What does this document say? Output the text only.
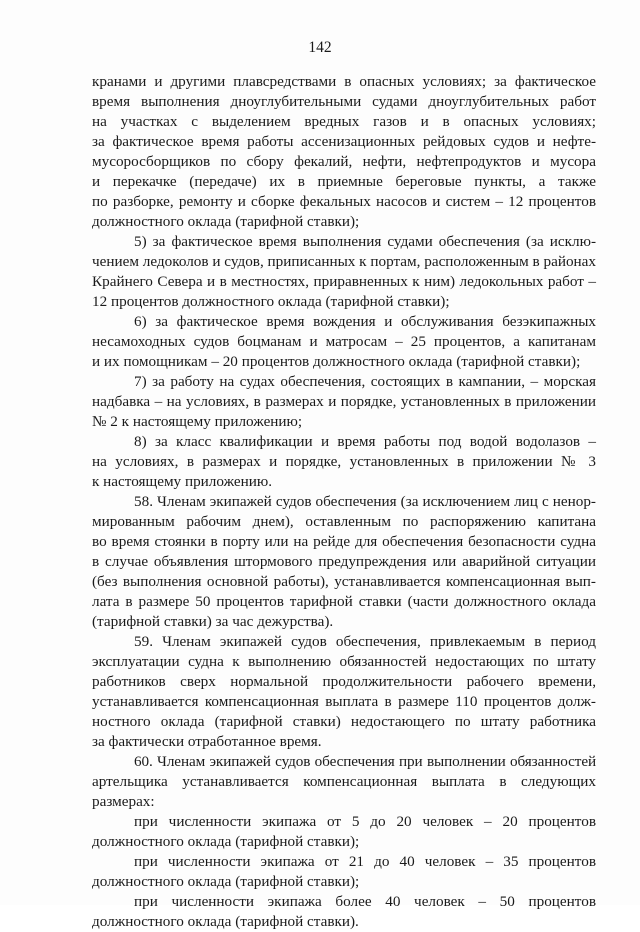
142

кранами и другими плавсредствами в опасных условиях; за фактическое
время выполнения дноуглубительными судами дноуглубительных работ
на участках с выделением вредных газов и в опасных условиях;
за фактическое время работы ассенизационных рейдовых судов и нефте-
мусоросборщиков по сбору фекалий, нефти, нефтепродуктов и мусора
и перекачке (передаче) их в приемные береговые пункты, а также
по разборке, ремонту и сборке фекальных насосов и систем – 12 процентов
должностного оклада (тарифной ставки);

5) за фактическое время выполнения судами обеспечения (за исклю-
чением ледоколов и судов, приписанных к портам, расположенным в районах
Крайнего Севера и в местностях, приравненных к ним) ледокольных работ –
12 процентов должностного оклада (тарифной ставки);

6) за фактическое время вождения и обслуживания безэкипажных
несамоходных судов боцманам и матросам – 25 процентов, а капитанам
и их помощникам – 20 процентов должностного оклада (тарифной ставки);

7) за работу на судах обеспечения, состоящих в кампании, – морская
надбавка – на условиях, в размерах и порядке, установленных в приложении
№ 2 к настоящему приложению;

8) за класс квалификации и время работы под водой водолазов –
на условиях, в размерах и порядке, установленных в приложении № 3
к настоящему приложению.

58. Членам экипажей судов обеспечения (за исключением лиц с ненор-
мированным рабочим днем), оставленным по распоряжению капитана
во время стоянки в порту или на рейде для обеспечения безопасности судна
в случае объявления штормового предупреждения или аварийной ситуации
(без выполнения основной работы), устанавливается компенсационная вып-
лата в размере 50 процентов тарифной ставки (части должностного оклада
(тарифной ставки) за час дежурства).

59. Членам экипажей судов обеспечения, привлекаемым в период
эксплуатации судна к выполнению обязанностей недостающих по штату
работников сверх нормальной продолжительности рабочего времени,
устанавливается компенсационная выплата в размере 110 процентов долж-
ностного оклада (тарифной ставки) недостающего по штату работника
за фактически отработанное время.

60. Членам экипажей судов обеспечения при выполнении обязанностей
артельщика устанавливается компенсационная выплата в следующих
размерах:

при численности экипажа от 5 до 20 человек – 20 процентов
должностного оклада (тарифной ставки);

при численности экипажа от 21 до 40 человек – 35 процентов
должностного оклада (тарифной ставки);

при численности экипажа более 40 человек – 50 процентов
должностного оклада (тарифной ставки).
